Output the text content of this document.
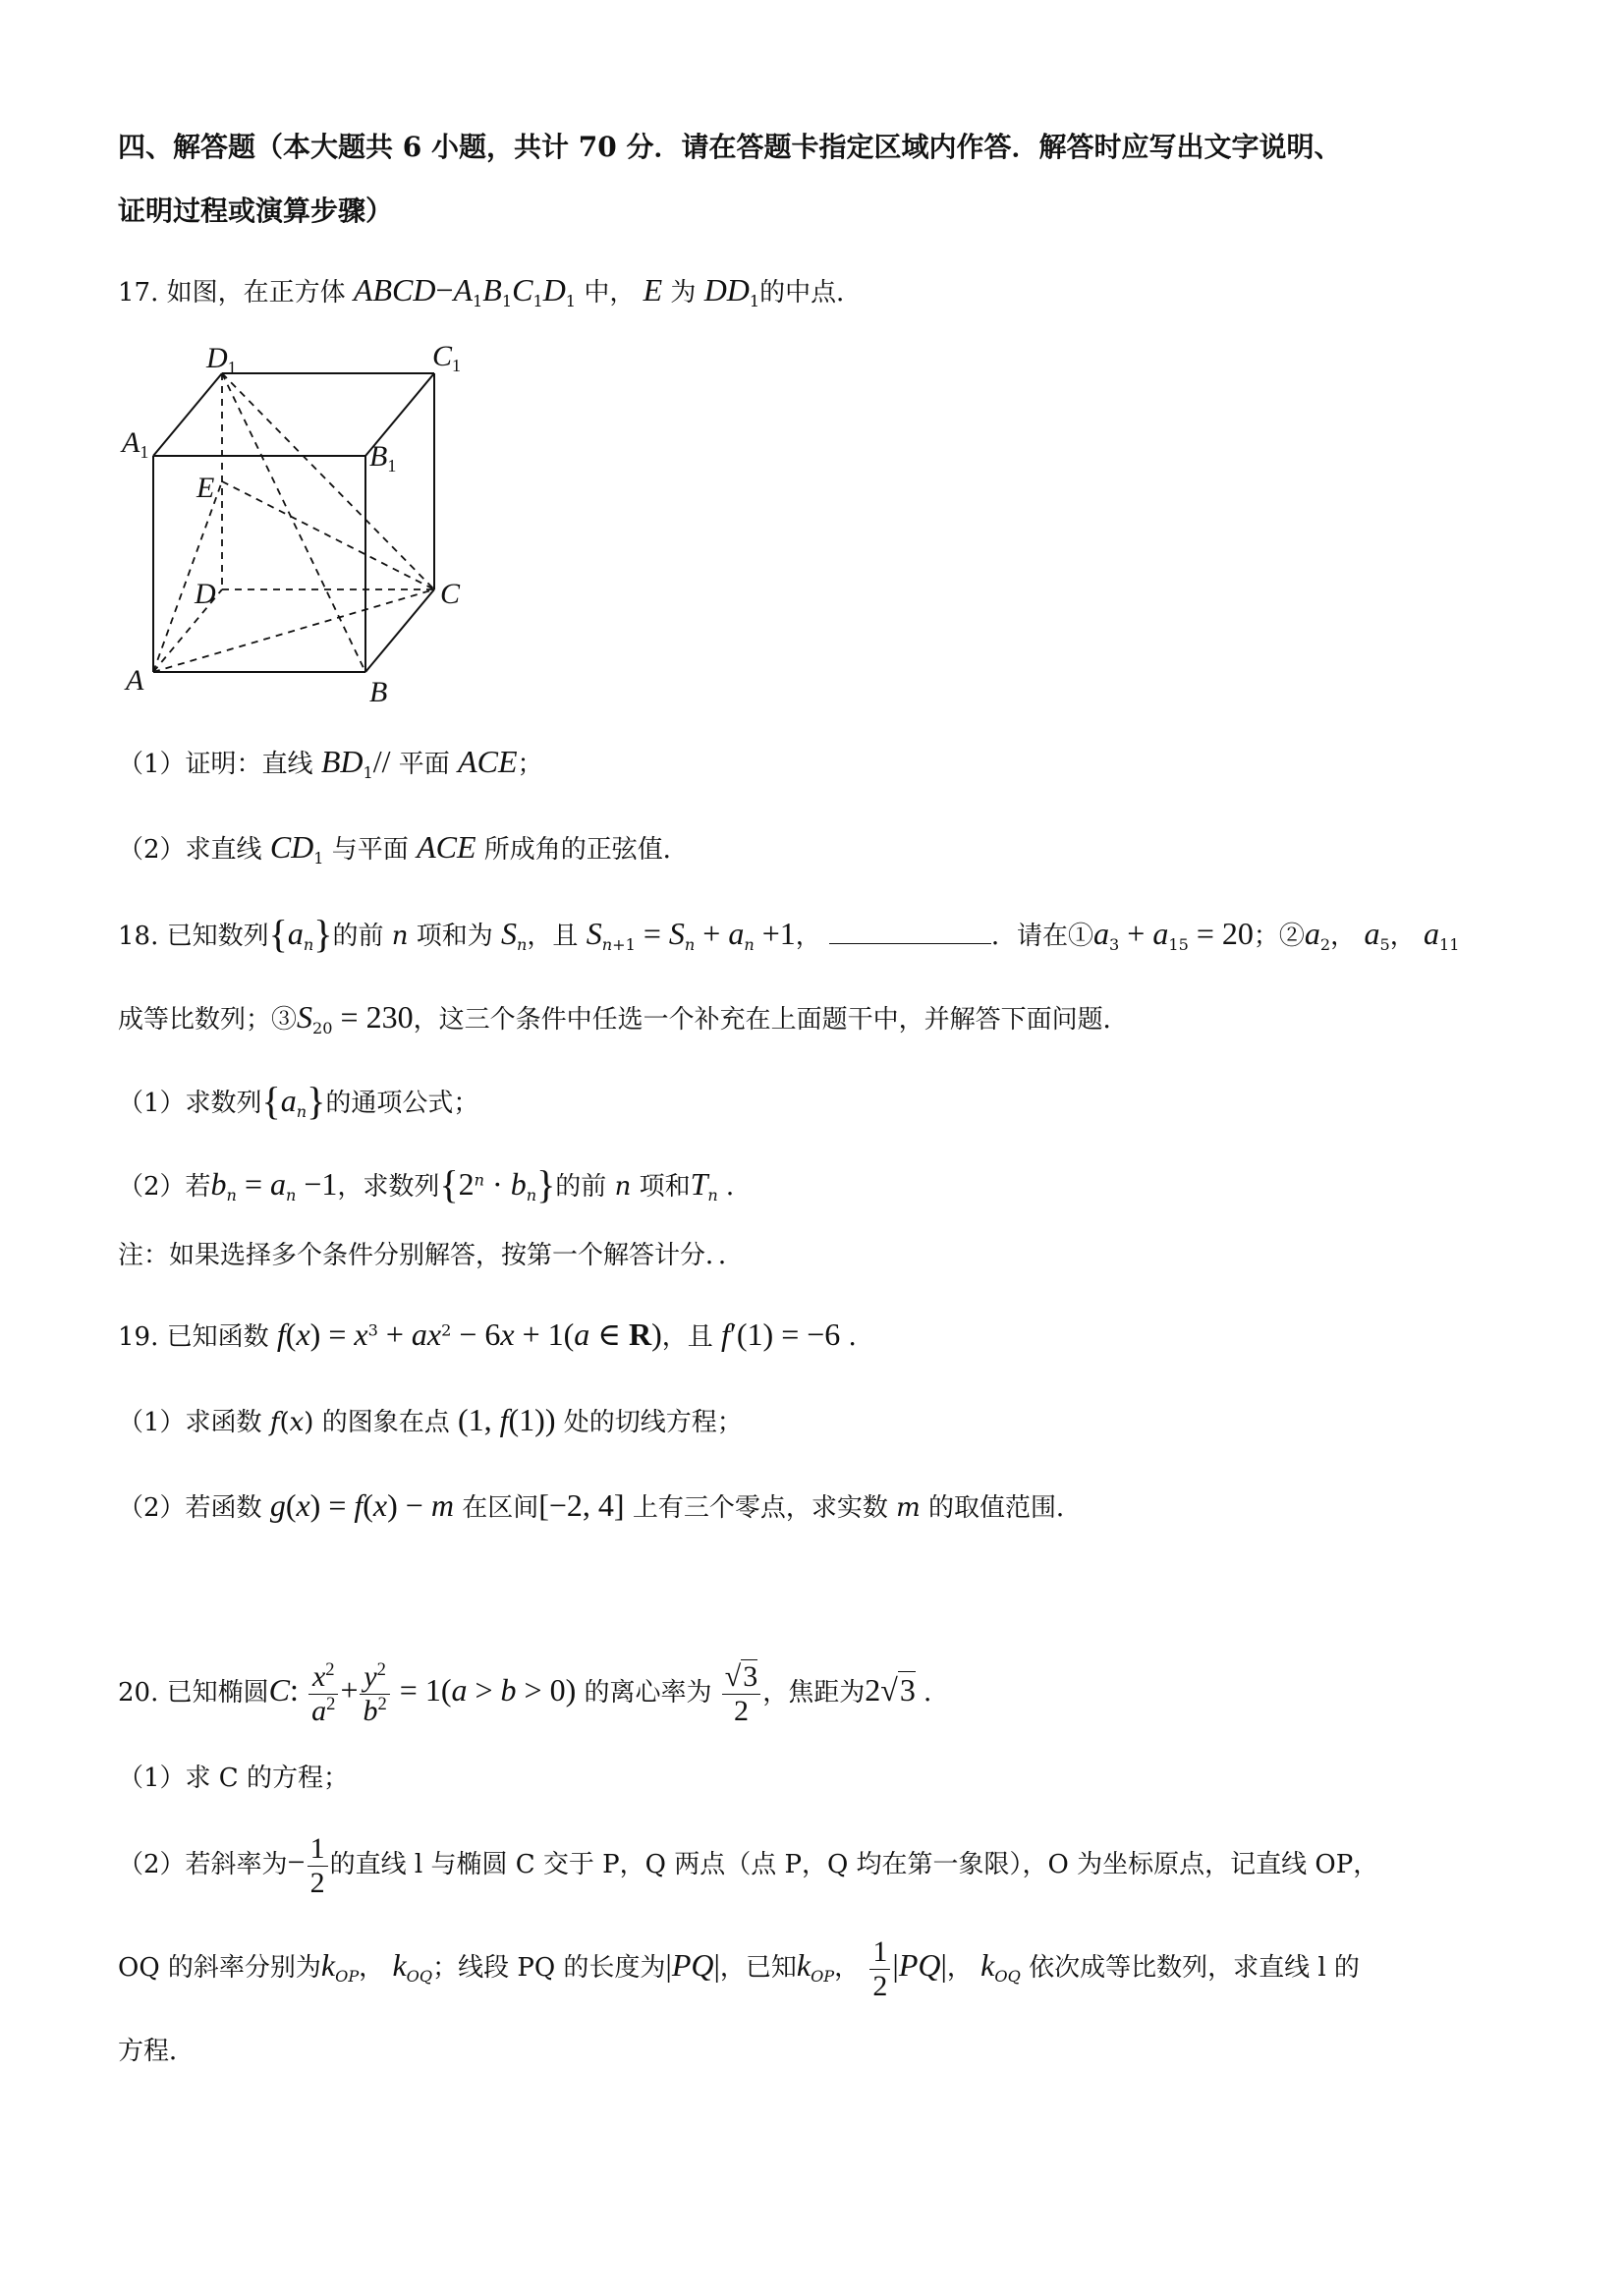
四、解答题（本大题共 6 小题，共计 70 分．请在答题卡指定区域内作答．解答时应写出文字说明、
证明过程或演算步骤）
17. 如图，在正方体 $ABCD-A_1B_1C_1D_1$ 中， E 为 $DD_1$的中点．
$D_1$	$C_1$
$A_1$	$B_1$
E
D	C
A	B
（1）证明：直线 $BD_1//$ 平面 ACE；
（2）求直线 $CD_1$ 与平面 ACE 所成角的正弦值．
18. 已知数列$\{a_n\}$的前 n 项和为 $S_n$，且 $S_{n+1} = S_n + a_n +1$，	．请在$①a_3 + a_{15} = 20$；$②a_2$， $a_5$， $a_{11}$
成等比数列；$③S_{20} = 230$，这三个条件中任选一个补充在上面题干中，并解答下面问题．
（1）求数列$\{a_n\}$的通项公式；
（2）若$b_n = a_n -1$，求数列$\{2^n \cdot b_n\}$的前 n 项和$T_n$ ．
注：如果选择多个条件分别解答，按第一个解答计分．．
19. 已知函数 $f(x) = x^3 + ax^2 - 6x + 1(a$ ∈ R)，且 f′(1) = −6 ．
（1）求函数 f(x) 的图象在点 (1, f(1)) 处的切线方程；
（2）若函数 g(x) = f(x) − m 在区间[−2, 4] 上有三个零点，求实数 m 的取值范围．
20. 已知椭圆C: $\frac{x^2}{a^2} + \frac{y^2}{b^2} = 1(a > b > 0)$ 的离心率为 $\frac{√3}{2}$ ，焦距为2√3 ．
（1）求 C 的方程；
（2）若斜率为− $\frac{1}{2}$ 的直线 l 与椭圆 C 交于 P，Q 两点（点 P，Q 均在第一象限），O 为坐标原点，记直线 OP，
OQ 的斜率分别为$k_{OP}$， $k_{OQ}$；线段 PQ 的长度为|PQ|，已知$k_{OP}$， $\frac{1}{2} |PQ|$， $k_{OQ}$ 依次成等比数列，求直线 l 的
方程．
